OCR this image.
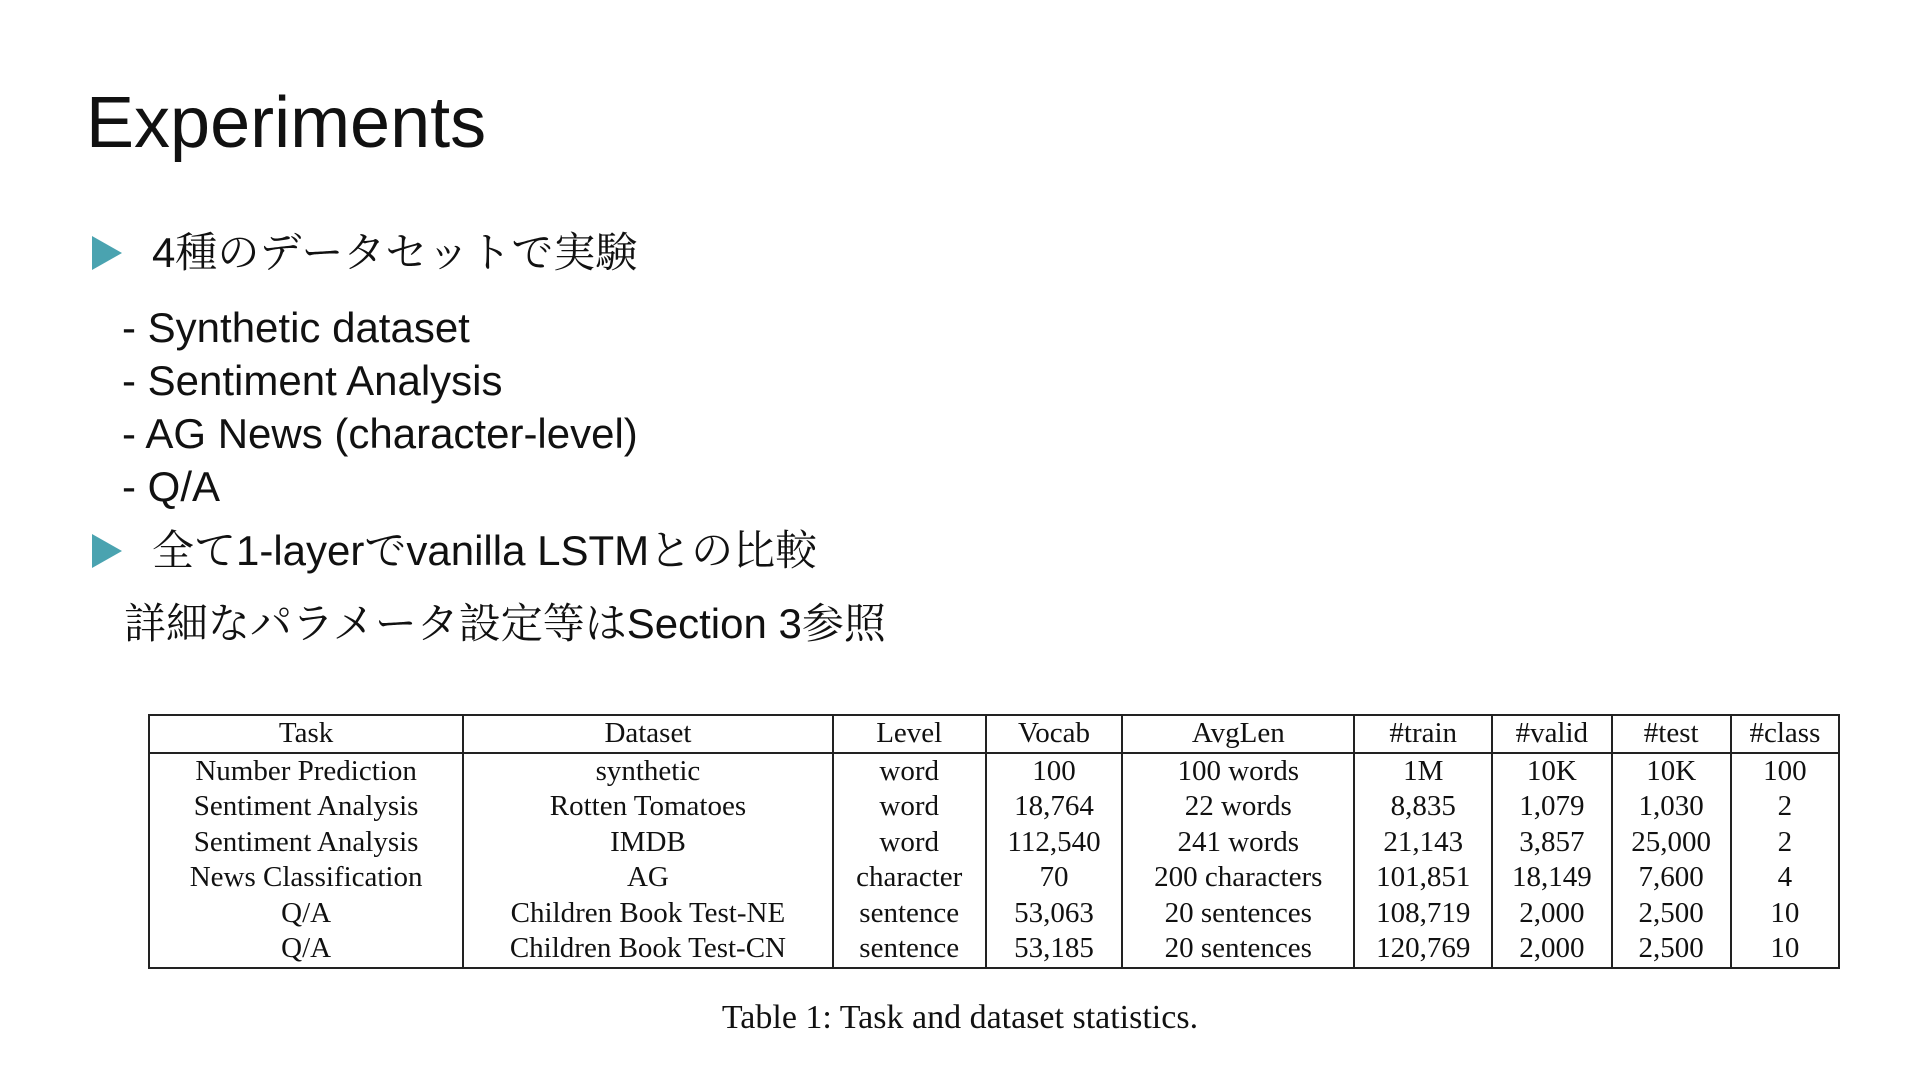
Experiments
4種のデータセットで実験
- Synthetic dataset
- Sentiment Analysis
- AG News (character-level)
- Q/A
全て1-layerでvanilla LSTMとの比較
詳細なパラメータ設定等はSection 3参照
Task	Dataset	Level	Vocab	AvgLen	#train	#valid	#test	#class
Number Prediction	synthetic	word	100	100 words	1M	10K	10K	100
Sentiment Analysis	Rotten Tomatoes	word	18,764	22 words	8,835	1,079	1,030	2
Sentiment Analysis	IMDB	word	112,540	241 words	21,143	3,857	25,000	2
News Classification	AG	character	70	200 characters	101,851	18,149	7,600	4
Q/A	Children Book Test-NE	sentence	53,063	20 sentences	108,719	2,000	2,500	10
Q/A	Children Book Test-CN	sentence	53,185	20 sentences	120,769	2,000	2,500	10
Table 1: Task and dataset statistics.
